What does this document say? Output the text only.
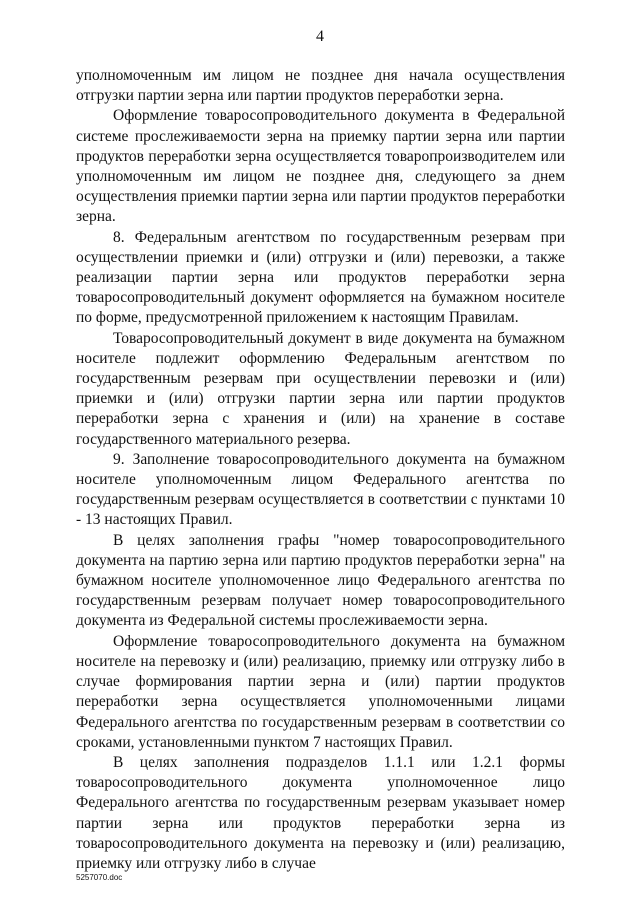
4

уполномоченным им лицом не позднее дня начала осуществления отгрузки партии зерна или партии продуктов переработки зерна.

Оформление товаросопроводительного документа в Федеральной системе прослеживаемости зерна на приемку партии зерна или партии продуктов переработки зерна осуществляется товаропроизводителем или уполномоченным им лицом не позднее дня, следующего за днем осуществления приемки партии зерна или партии продуктов переработки зерна.

8. Федеральным агентством по государственным резервам при осуществлении приемки и (или) отгрузки и (или) перевозки, а также реализации партии зерна или продуктов переработки зерна товаросопроводительный документ оформляется на бумажном носителе по форме, предусмотренной приложением к настоящим Правилам.

Товаросопроводительный документ в виде документа на бумажном носителе подлежит оформлению Федеральным агентством по государственным резервам при осуществлении перевозки и (или) приемки и (или) отгрузки партии зерна или партии продуктов переработки зерна с хранения и (или) на хранение в составе государственного материального резерва.

9. Заполнение товаросопроводительного документа на бумажном носителе уполномоченным лицом Федерального агентства по государственным резервам осуществляется в соответствии с пунктами 10 - 13 настоящих Правил.

В целях заполнения графы "номер товаросопроводительного документа на партию зерна или партию продуктов переработки зерна" на бумажном носителе уполномоченное лицо Федерального агентства по государственным резервам получает номер товаросопроводительного документа из Федеральной системы прослеживаемости зерна.

Оформление товаросопроводительного документа на бумажном носителе на перевозку и (или) реализацию, приемку или отгрузку либо в случае формирования партии зерна и (или) партии продуктов переработки зерна осуществляется уполномоченными лицами Федерального агентства по государственным резервам в соответствии со сроками, установленными пунктом 7 настоящих Правил.

В целях заполнения подразделов 1.1.1 или 1.2.1 формы товаросопроводительного документа уполномоченное лицо Федерального агентства по государственным резервам указывает номер партии зерна или продуктов переработки зерна из товаросопроводительного документа на перевозку и (или) реализацию, приемку или отгрузку либо в случае

5257070.doc
